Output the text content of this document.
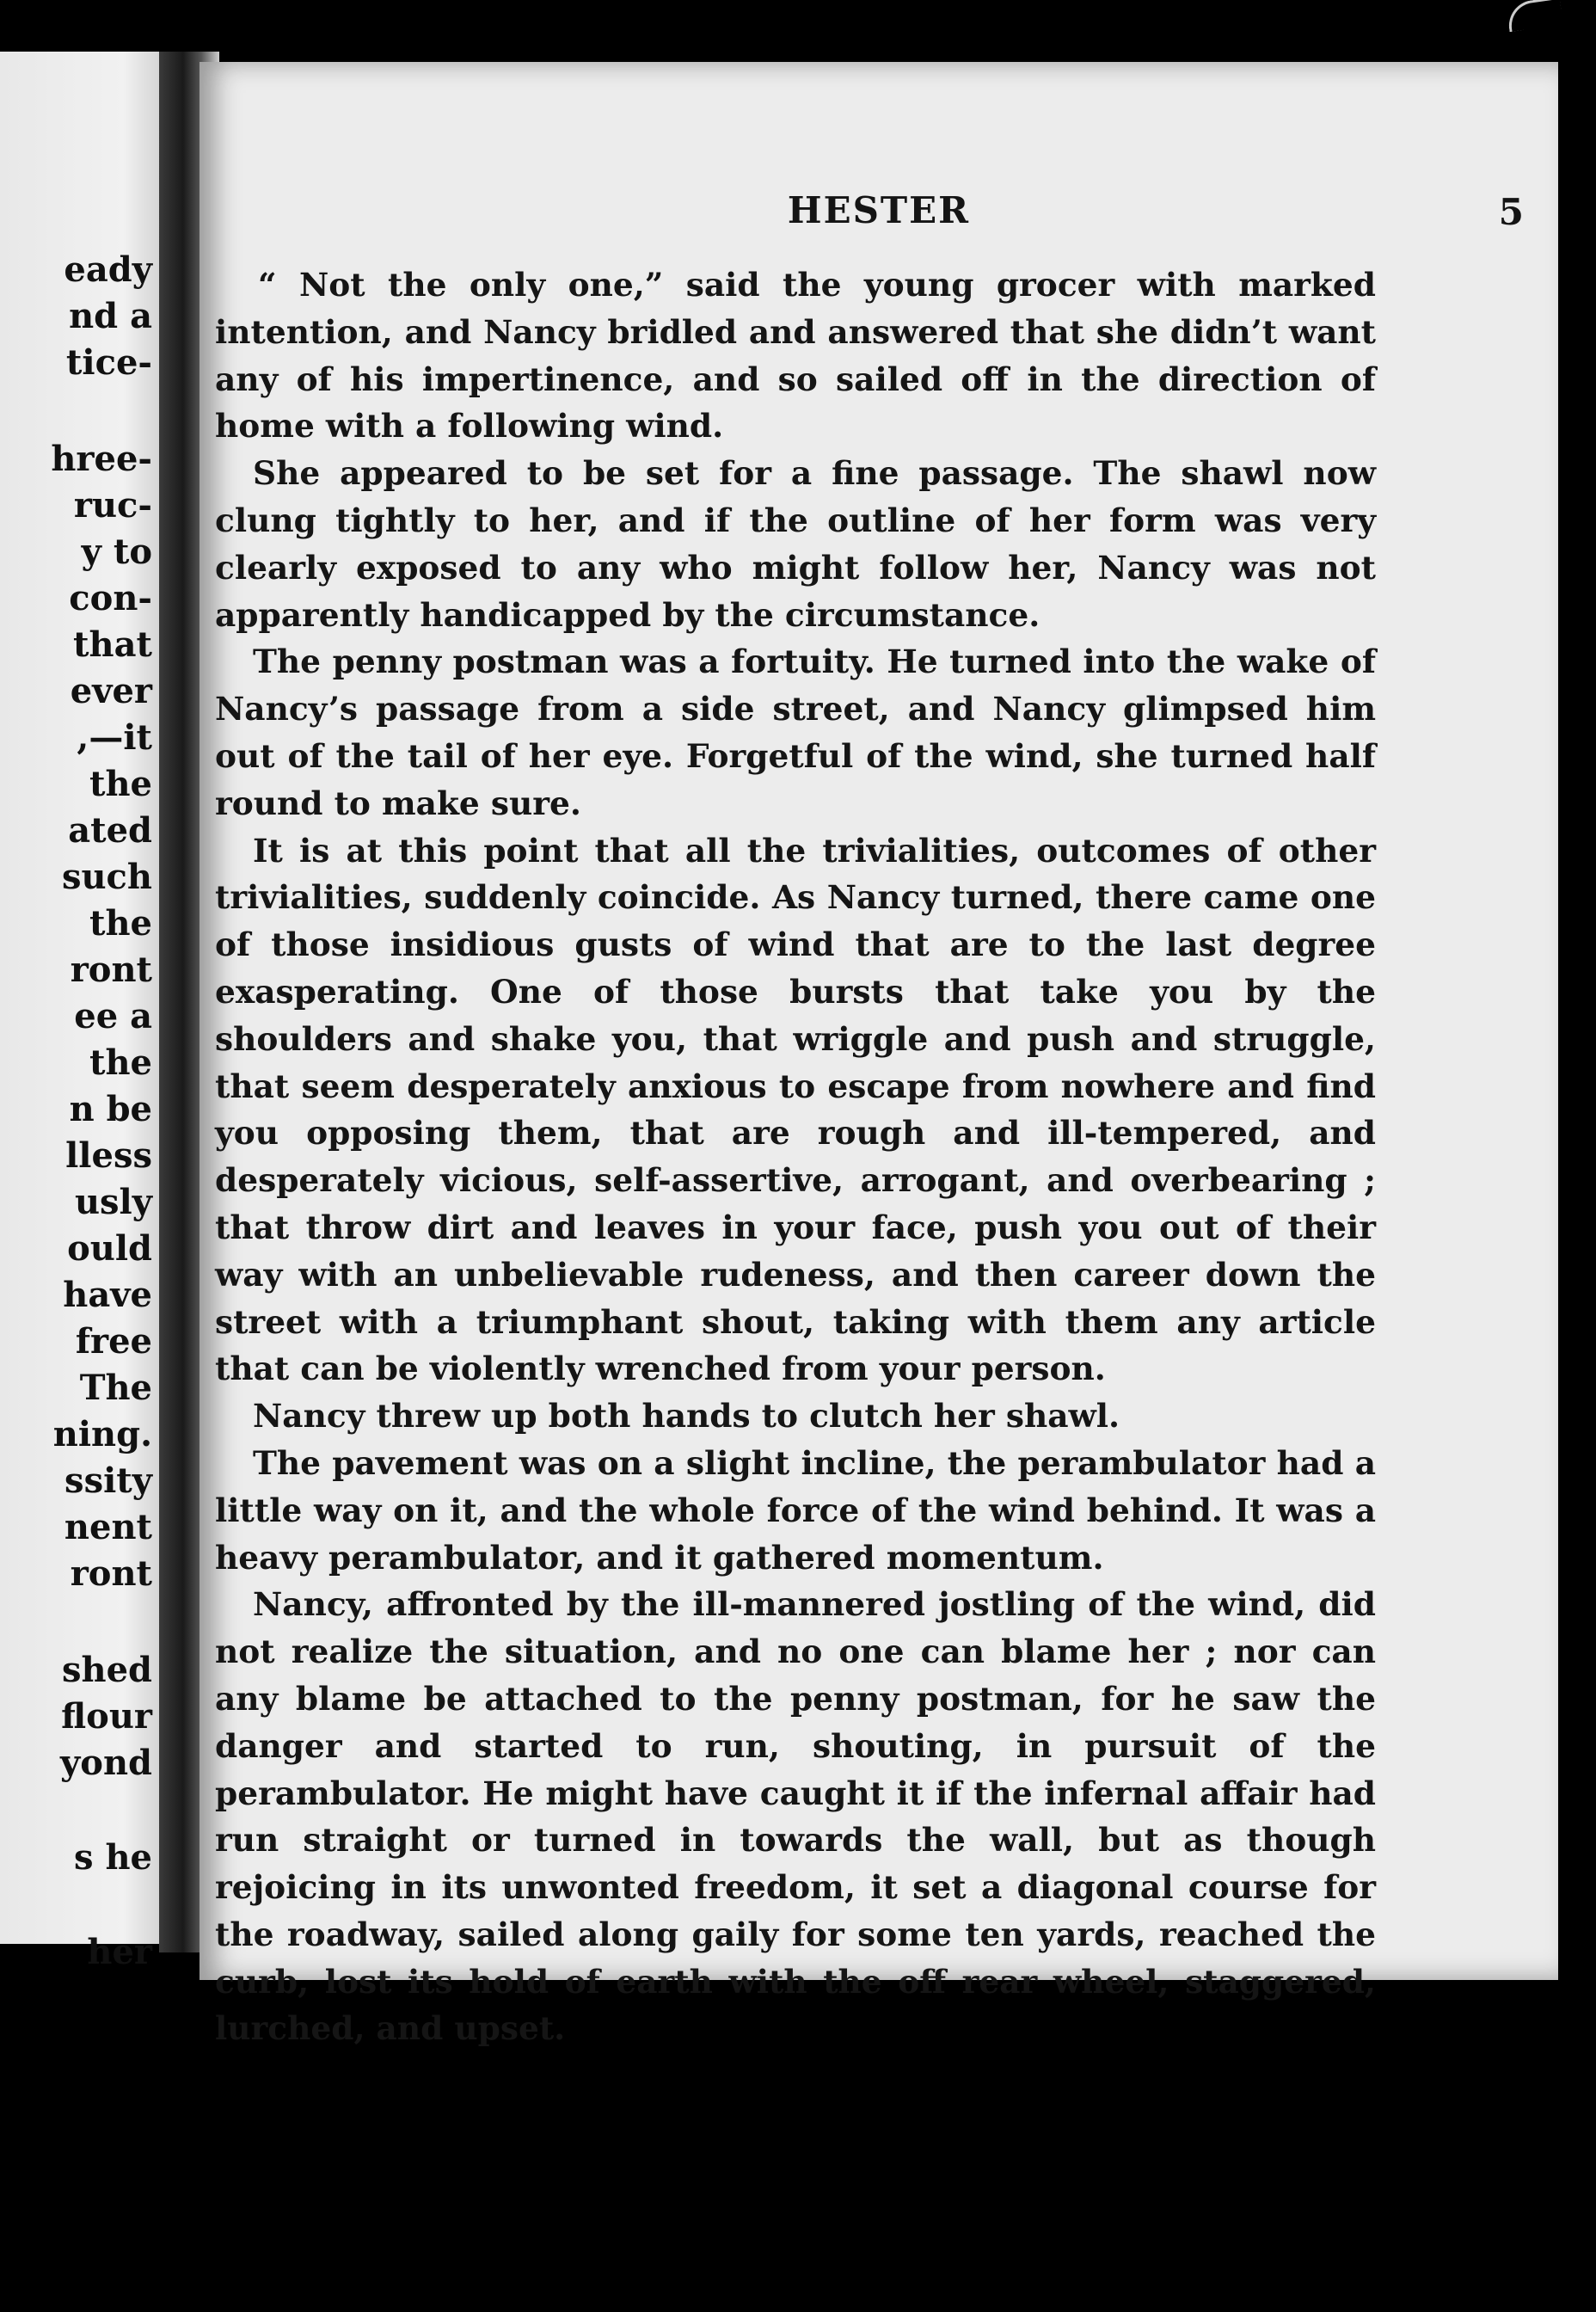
eady
nd a
tice-
hree-
ruc-
y to
con-
that
ever
,—it
the
ated
such
the
ront
ee a
the
n be
lless
usly
ould
have
free
The
ning.
ssity
nent
ront
shed
flour
yond
s he
her
HESTER	5

“ Not the only one,” said the young grocer with marked intention, and Nancy bridled and answered that she didn’t want any of his impertinence, and so sailed off in the direction of home with a following wind.

She appeared to be set for a fine passage. The shawl now clung tightly to her, and if the outline of her form was very clearly exposed to any who might follow her, Nancy was not apparently handicapped by the circumstance.

The penny postman was a fortuity. He turned into the wake of Nancy’s passage from a side street, and Nancy glimpsed him out of the tail of her eye. Forgetful of the wind, she turned half round to make sure.

It is at this point that all the trivialities, outcomes of other trivialities, suddenly coincide. As Nancy turned, there came one of those insidious gusts of wind that are to the last degree exasperating. One of those bursts that take you by the shoulders and shake you, that wriggle and push and struggle, that seem desperately anxious to escape from nowhere and find you opposing them, that are rough and ill-tempered, and desperately vicious, self-assertive, arrogant, and overbearing ; that throw dirt and leaves in your face, push you out of their way with an unbelievable rudeness, and then career down the street with a triumphant shout, taking with them any article that can be violently wrenched from your person.

Nancy threw up both hands to clutch her shawl.

The pavement was on a slight incline, the perambulator had a little way on it, and the whole force of the wind behind. It was a heavy perambulator, and it gathered momentum.

Nancy, affronted by the ill-mannered jostling of the wind, did not realize the situation, and no one can blame her ; nor can any blame be attached to the penny postman, for he saw the danger and started to run, shouting, in pursuit of the perambulator. He might have caught it if the infernal affair had run straight or turned in towards the wall, but as though rejoicing in its unwonted freedom, it set a diagonal course for the roadway, sailed along gaily for some ten yards, reached the curb, lost its hold of earth with the off rear wheel, staggered, lurched, and upset.
